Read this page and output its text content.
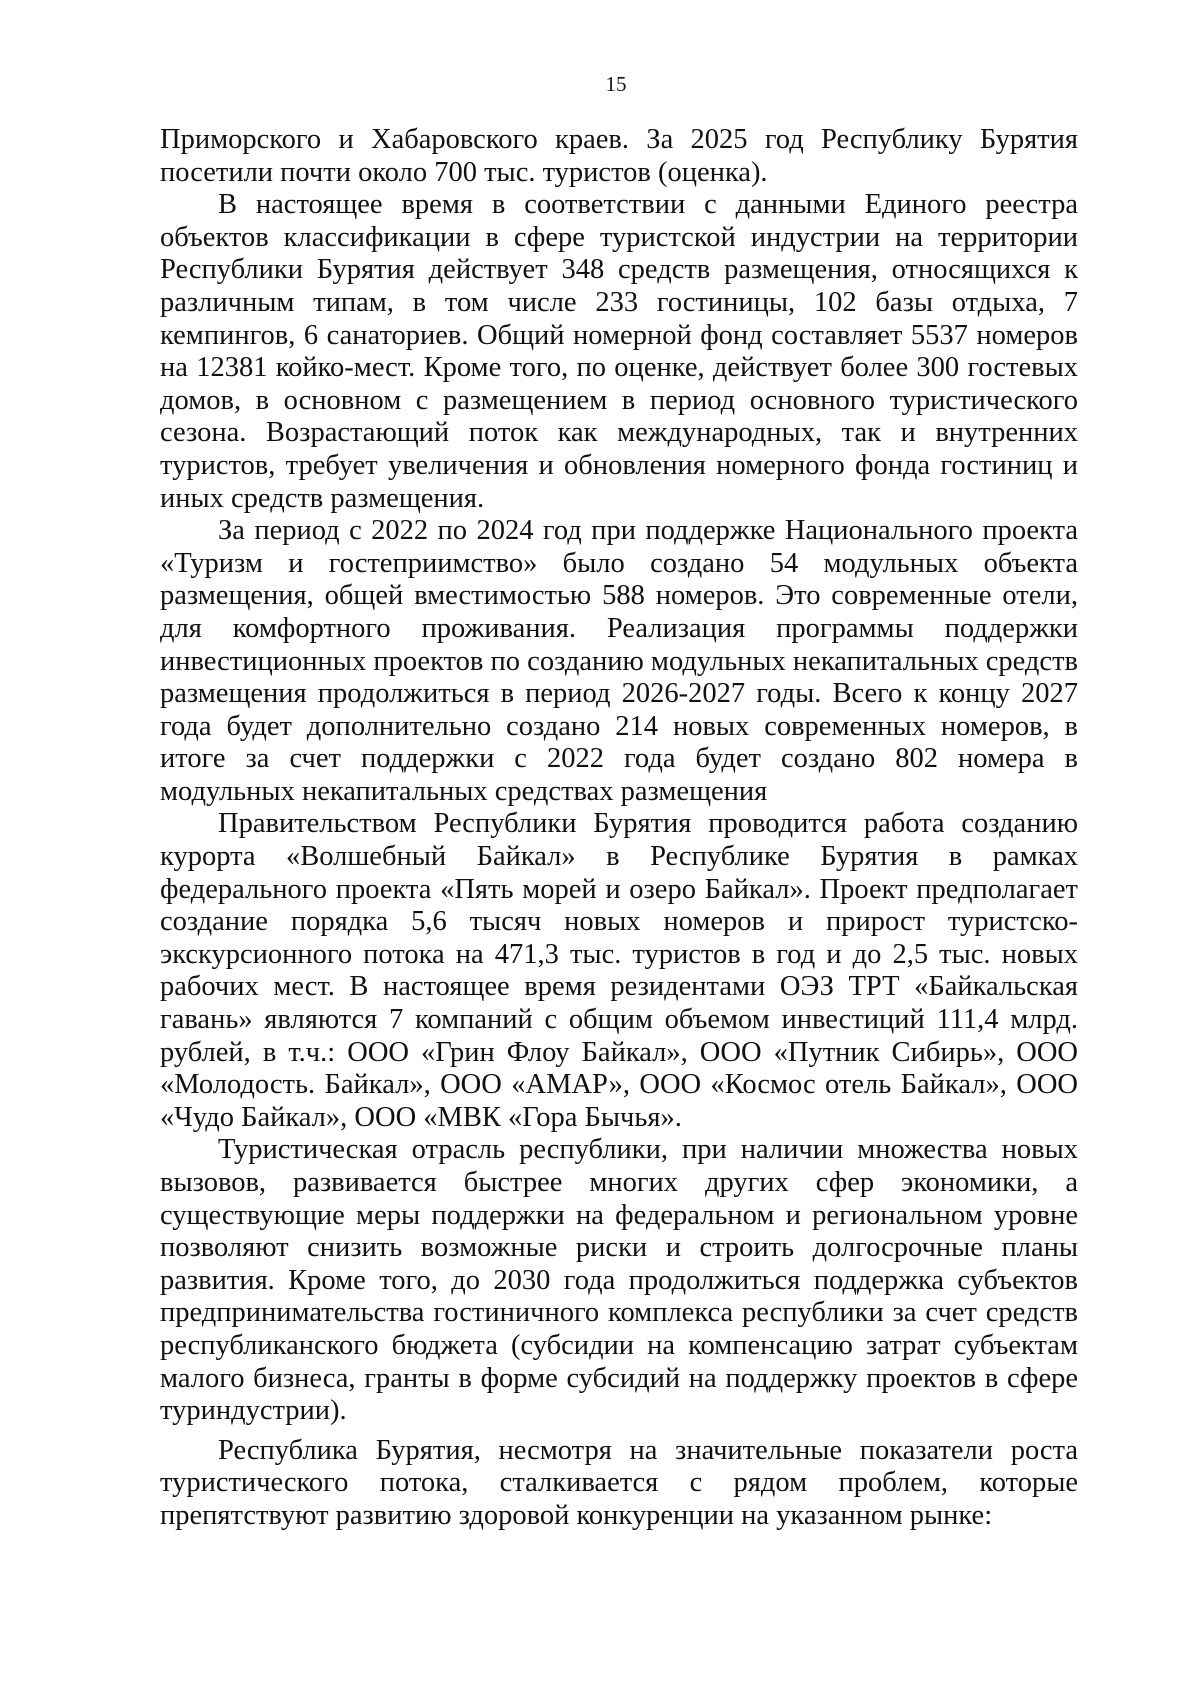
15

Приморского и Хабаровского краев. За 2025 год Республику Бурятия посетили почти около 700 тыс. туристов (оценка).

В настоящее время в соответствии с данными Единого реестра объектов классификации в сфере туристской индустрии на территории Республики Бурятия действует 348 средств размещения, относящихся к различным типам, в том числе 233 гостиницы, 102 базы отдыха, 7 кемпингов, 6 санаториев. Общий номерной фонд составляет 5537 номеров на 12381 койко-мест. Кроме того, по оценке, действует более 300 гостевых домов, в основном с размещением в период основного туристического сезона. Возрастающий поток как международных, так и внутренних туристов, требует увеличения и обновления номерного фонда гостиниц и иных средств размещения.

За период с 2022 по 2024 год при поддержке Национального проекта «Туризм и гостеприимство» было создано 54 модульных объекта размещения, общей вместимостью 588 номеров. Это современные отели, для комфортного проживания. Реализация программы поддержки инвестиционных проектов по созданию модульных некапитальных средств размещения продолжиться в период 2026-2027 годы. Всего к концу 2027 года будет дополнительно создано 214 новых современных номеров, в итоге за счет поддержки с 2022 года будет создано 802 номера в модульных некапитальных средствах размещения

Правительством Республики Бурятия проводится работа созданию курорта «Волшебный Байкал» в Республике Бурятия в рамках федерального проекта «Пять морей и озеро Байкал». Проект предполагает создание порядка 5,6 тысяч новых номеров и прирост туристско-экскурсионного потока на 471,3 тыс. туристов в год и до 2,5 тыс. новых рабочих мест. В настоящее время резидентами ОЭЗ ТРТ «Байкальская гавань» являются 7 компаний с общим объемом инвестиций 111,4 млрд. рублей, в т.ч.: ООО «Грин Флоу Байкал», ООО «Путник Сибирь», ООО «Молодость. Байкал», ООО «АМАР», ООО «Космос отель Байкал», ООО «Чудо Байкал», ООО «МВК «Гора Бычья».

Туристическая отрасль республики, при наличии множества новых вызовов, развивается быстрее многих других сфер экономики, а существующие меры поддержки на федеральном и региональном уровне позволяют снизить возможные риски и строить долгосрочные планы развития. Кроме того, до 2030 года продолжиться поддержка субъектов предпринимательства гостиничного комплекса республики за счет средств республиканского бюджета (субсидии на компенсацию затрат субъектам малого бизнеса, гранты в форме субсидий на поддержку проектов в сфере туриндустрии).

Республика Бурятия, несмотря на значительные показатели роста туристического потока, сталкивается с рядом проблем, которые препятствуют развитию здоровой конкуренции на указанном рынке:
